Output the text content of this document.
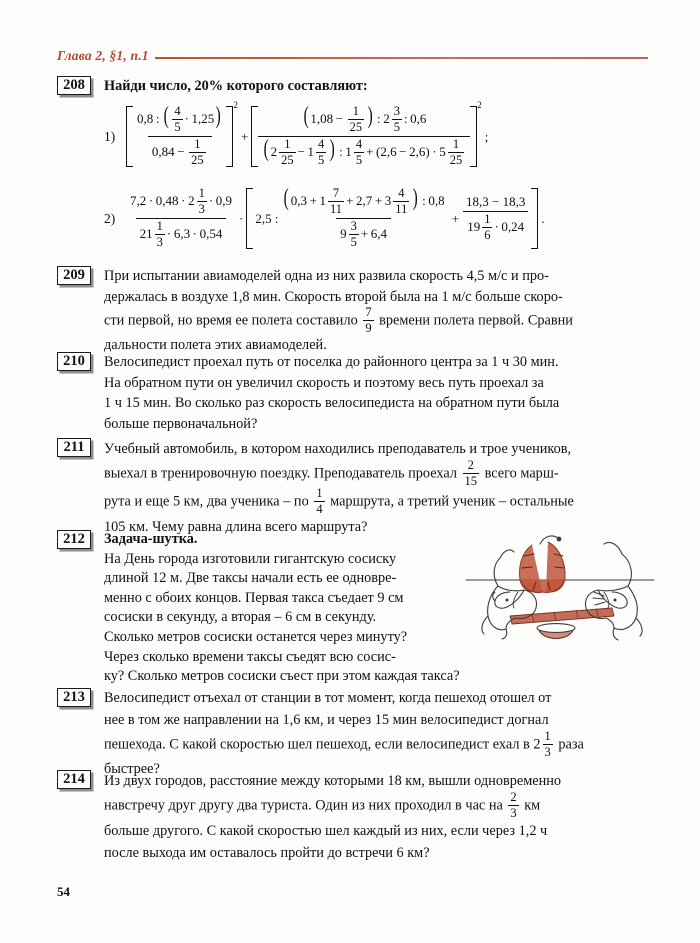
Глава 2, §1, п.1
208	Найди число, 20% которого составляют:
1)	$\frac{0,8 : ( \frac{4}{5} \cdot 1,25)}{0,84 - \frac{1}{25}}$
2
+ $\frac{( 1,08 - \frac{1}{25} ) : 2 \frac{3}{5} : 0,6}{( 2 \frac{1}{25} - 1 \frac{4}{5} ) : 1 \frac{4}{5} + (2,6 - 2,6) \cdot 5 \frac{1}{25}}$
2
;
$2) \frac{7,2 \cdot 0,48 \cdot 2 \frac{1}{3} \cdot 0,9}{21 \frac{1}{3} \cdot 6,3 \cdot 0,54} \cdot 2,5$ : $\frac{( 0,3 + 1 \frac{7}{11} + 2,7 + 3 \frac{4}{11} ) : 0,8}{9 \frac{3}{5} + 6,4} + \frac{18,3 - 18,3}{19 \frac{1}{6} \cdot 0,24}$ .
209	При испытании авиамоделей одна из них развила скорость 4,5 м/с и про-
держалась в воздухе 1,8 мин. Скорость второй была на 1 м/с больше скоро-
сти первой, но время ее полета составило $\frac{7}{9}$ времени полета первой. Сравни
дальности полета этих авиамоделей.
210	Велосипедист проехал путь от поселка до районного центра за 1 ч 30 мин.
На обратном пути он увеличил скорость и поэтому весь путь проехал за
1 ч 15 мин. Во сколько раз скорость велосипедиста на обратном пути была
больше первоначальной?
211	Учебный автомобиль, в котором находились преподаватель и трое учеников,
выехал в тренировочную поездку. Преподаватель проехал $\frac{2}{15}$ всего марш-
рута и еще 5 км, два ученика – по $\frac{1}{4}$ маршрута, а третий ученик – остальные
105 км. Чему равна длина всего маршрута?
212	Задача-шутка.
На День города изготовили гигантскую сосиску
длиной 12 м. Две таксы начали есть ее одновре-
менно с обоих концов. Первая такса съедает 9 см
сосиски в секунду, а вторая – 6 см в секунду.
Сколько метров сосиски останется через минуту?
Через сколько времени таксы съедят всю сосис-
ку? Сколько метров сосиски съест при этом каждая такса?
213	Велосипедист отъехал от станции в тот момент, когда пешеход отошел от
нее в том же направлении на 1,6 км, и через 15 мин велосипедист догнал
пешехода. С какой скоростью шел пешеход, если велосипедист ехал в $2 \frac{1}{3}$ раза
быстрее?
214	Из двух городов, расстояние между которыми 18 км, вышли одновременно
навстречу друг другу два туриста. Один из них проходил в час на $\frac{2}{3}$ км
больше другого. С какой скоростью шел каждый из них, если через 1,2 ч
после выхода им оставалось пройти до встречи 6 км?
54
